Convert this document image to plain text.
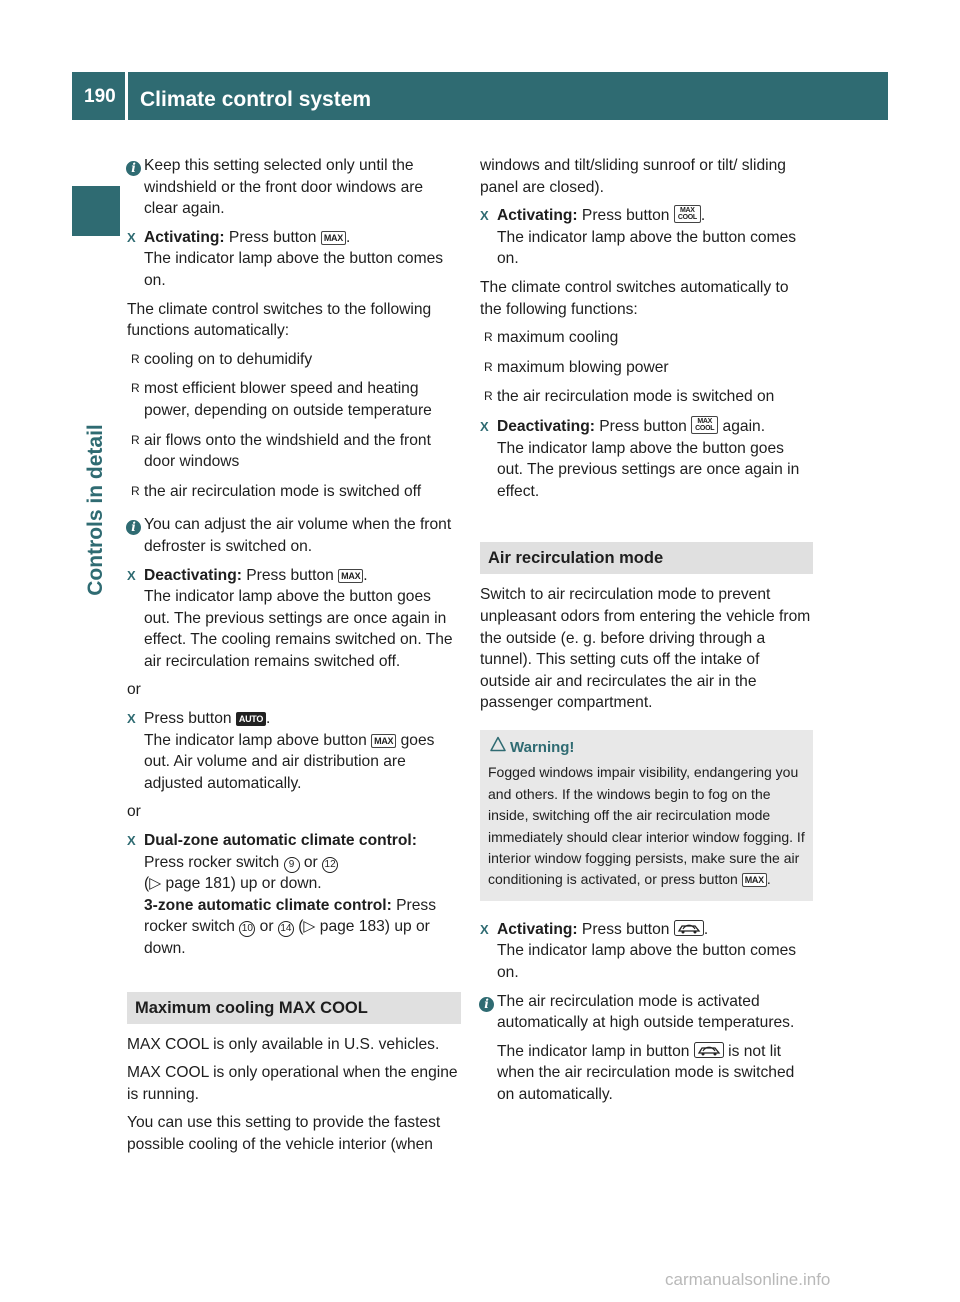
190	Climate control system
Controls in detail
i Keep this setting selected only until the windshield or the front door windows are clear again.
X Activating: Press button MAX .
The indicator lamp above the button comes on.

The climate control switches to the following functions automatically:

R cooling on to dehumidify
R most efficient blower speed and heating power, depending on outside temperature
R air flows onto the windshield and the front door windows
R the air recirculation mode is switched off
i You can adjust the air volume when the front defroster is switched on.
X Deactivating: Press button MAX .
The indicator lamp above the button goes out. The previous settings are once again in effect. The cooling remains switched on. The air recirculation remains switched off.

or

X Press button AUTO .
The indicator lamp above button MAX goes out. Air volume and air distribution are adjusted automatically.

or

X Dual-zone automatic climate control:
Press rocker switch 9 or 12
(▷ page 181) up or down.
3-zone automatic climate control: Press rocker switch 10 or 14 (▷ page 183) up or down.
Maximum cooling MAX COOL

MAX COOL is only available in U.S. vehicles.

MAX COOL is only operational when the engine is running.

You can use this setting to provide the fastest possible cooling of the vehicle interior (when

windows and tilt/sliding sunroof or tilt/ sliding panel are closed).

X Activating: Press button MAX
COOL .
The indicator lamp above the button comes on.

The climate control switches automatically to the following functions:

R maximum cooling
R maximum blowing power
R the air recirculation mode is switched on
X Deactivating: Press button MAX
COOL again.
The indicator lamp above the button goes out. The previous settings are once again in effect.
Air recirculation mode

Switch to air recirculation mode to prevent unpleasant odors from entering the vehicle from the outside (e. g. before driving through a tunnel). This setting cuts off the intake of outside air and recirculates the air in the passenger compartment.

Warning!
Fogged windows impair visibility, endangering you and others. If the windows begin to fog on the inside, switching off the air recirculation mode immediately should clear interior window fogging. If interior window fogging persists, make sure the air conditioning is activated, or press button MAX .
X Activating: Press button .
The indicator lamp above the button comes on.
i The air recirculation mode is activated automatically at high outside temperatures.
The indicator lamp in button is not lit when the air recirculation mode is switched on automatically.
carmanualsonline.info
